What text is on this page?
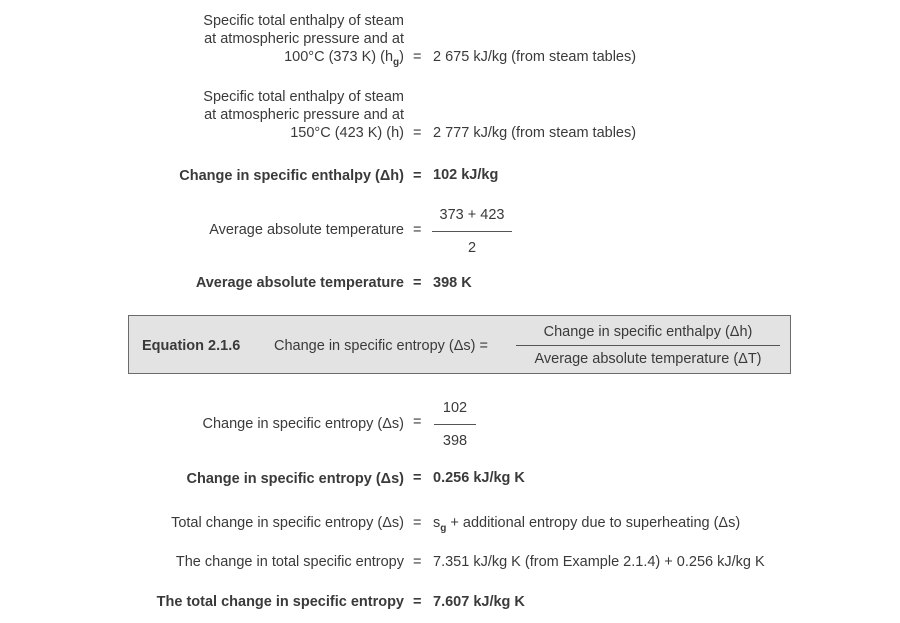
Specific total enthalpy of steam
at atmospheric pressure and at
100°C (373 K) $(h_g) = 2$ 675 kJ/kg (from steam tables)
Specific total enthalpy of steam
at atmospheric pressure and at
150°C (423 K) (h) = 2 777 kJ/kg (from steam tables)
Change in specific enthalpy (Δh) = 102 kJ/kg
Average absolute temperature =
373 + 423
2
Average absolute temperature = 398 K
Equation 2.1.6 Change in specific entropy (Δs) =
Change in specific enthalpy (Δh)
Average absolute temperature (ΔT)
Change in specific entropy (Δs) =
102
398
Change in specific entropy (Δs) = 0.256 kJ/kg K
Total change in specific entropy $(\Delta s) = s_g$ + additional entropy due to superheating (Δs)
The change in total specific entropy = 7.351 kJ/kg K (from Example 2.1.4) + 0.256 kJ/kg K
The total change in specific entropy = 7.607 kJ/kg K
